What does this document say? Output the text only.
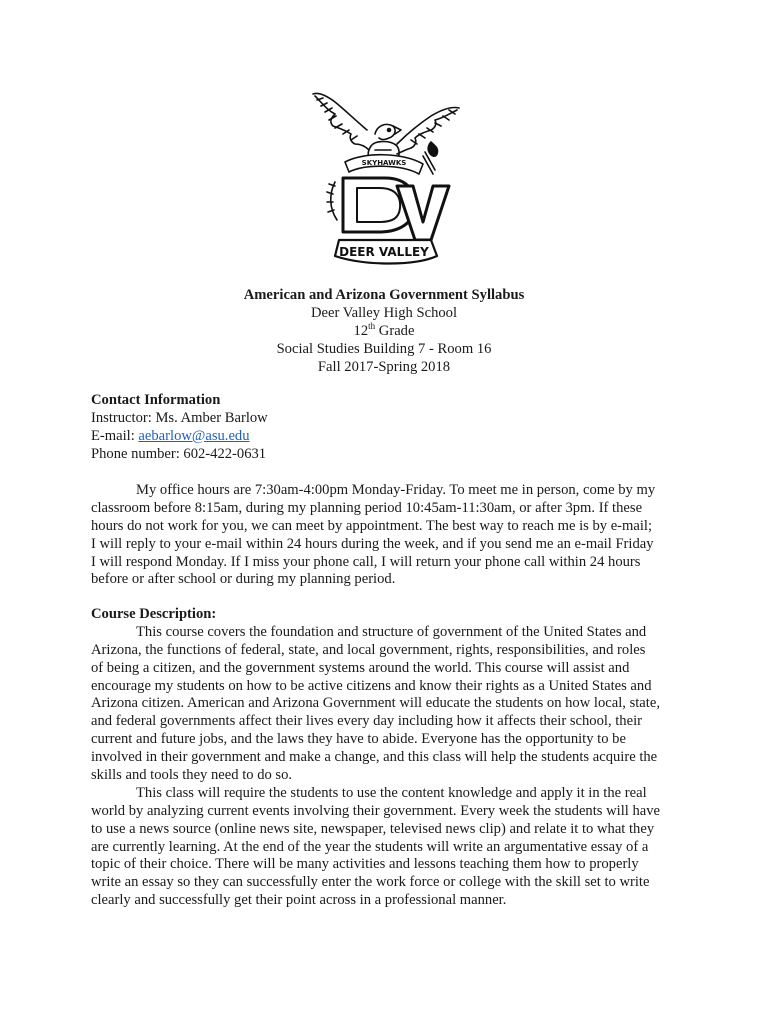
SKYHAWKS
DEER VALLEY
American and Arizona Government Syllabus
Deer Valley High School
12th Grade
Social Studies Building 7 - Room 16
Fall 2017-Spring 2018
Contact Information
Instructor: Ms. Amber Barlow
E-mail: aebarlow@asu.edu
Phone number: 602-422-0631
My office hours are 7:30am-4:00pm Monday-Friday. To meet me in person, come by my
classroom before 8:15am, during my planning period 10:45am-11:30am, or after 3pm. If these
hours do not work for you, we can meet by appointment. The best way to reach me is by e-mail;
I will reply to your e-mail within 24 hours during the week, and if you send me an e-mail Friday
I will respond Monday. If I miss your phone call, I will return your phone call within 24 hours
before or after school or during my planning period.
Course Description:
This course covers the foundation and structure of government of the United States and
Arizona, the functions of federal, state, and local government, rights, responsibilities, and roles
of being a citizen, and the government systems around the world. This course will assist and
encourage my students on how to be active citizens and know their rights as a United States and
Arizona citizen. American and Arizona Government will educate the students on how local, state,
and federal governments affect their lives every day including how it affects their school, their
current and future jobs, and the laws they have to abide. Everyone has the opportunity to be
involved in their government and make a change, and this class will help the students acquire the
skills and tools they need to do so.
This class will require the students to use the content knowledge and apply it in the real
world by analyzing current events involving their government. Every week the students will have
to use a news source (online news site, newspaper, televised news clip) and relate it to what they
are currently learning. At the end of the year the students will write an argumentative essay of a
topic of their choice. There will be many activities and lessons teaching them how to properly
write an essay so they can successfully enter the work force or college with the skill set to write
clearly and successfully get their point across in a professional manner.
